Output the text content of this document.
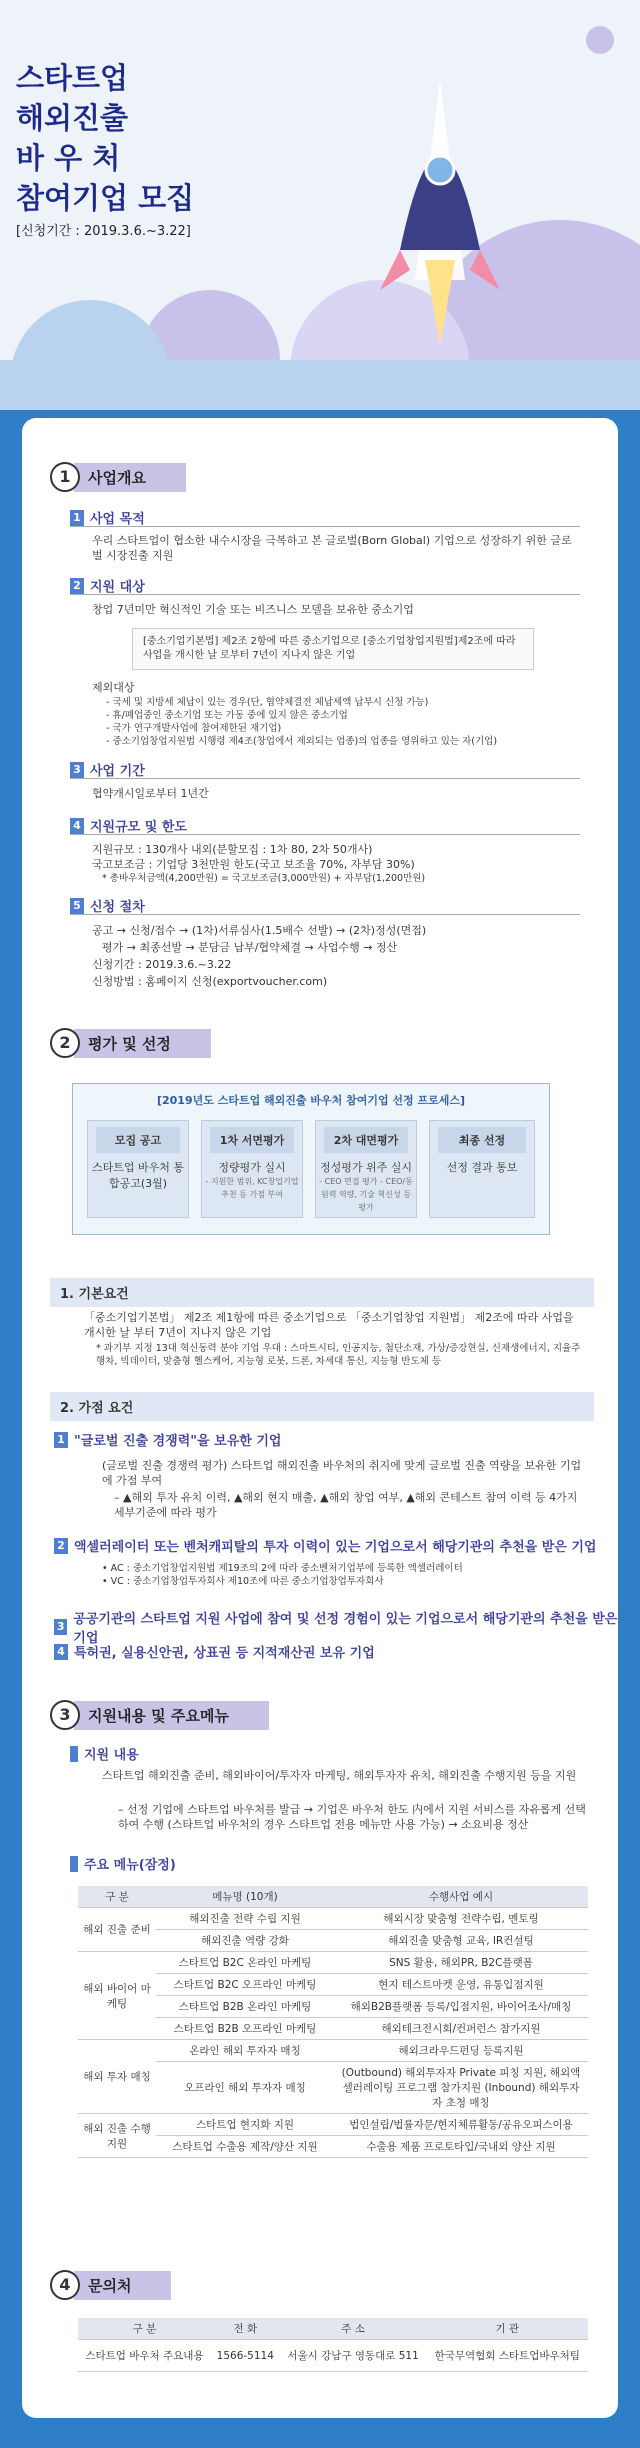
스타트업
해외진출
바 우 처
참여기업 모집
[신청기간 : 2019.3.6.~3.22]
1	사업개요
1 사업 목적
우리 스타트업이 협소한 내수시장을 극복하고 본 글로벌(Born Global) 기업으로 성장하기 위한 글로벌 시장진출 지원
2 지원 대상
창업 7년미만 혁신적인 기술 또는 비즈니스 모델을 보유한 중소기업
[중소기업기본법] 제2조 2항에 따른 중소기업으로 [중소기업창업지원법]제2조에 따라 사업을 개시한 날 로부터 7년이 지나지 않은 기업
제외대상
- 국세 및 지방세 체납이 있는 경우(단, 협약체결전 체납세액 납부시 신청 가능)
- 휴/폐업중인 중소기업 또는 가동 중에 있지 않은 중소기업
- 국가 연구개발사업에 참여제한된 재기업)
- 중소기업창업지원법 시행령 제4조(창업에서 제외되는 업종)의 업종을 영위하고 있는 자(기업)
3 사업 기간
협약개시일로부터 1년간
4 지원규모 및 한도
지원규모 : 130개사 내외(분할모집 : 1차 80, 2차 50개사)
국고보조금 : 기업당 3천만원 한도(국고 보조율 70%, 자부담 30%)
* 총바우처금액(4,200만원) = 국고보조금(3,000만원) + 자부담(1,200만원)
5 신청 절차
공고 → 신청/접수 → (1차)서류심사(1.5배수 선발) → (2차)정성(면접)
평가 → 최종선발 → 분담금 납부/협약체결 → 사업수행 → 정산
신청기간 : 2019.3.6.~3.22
신청방법 : 홈페이지 신청(exportvoucher.com)
2	평가 및 선정
[2019년도 스타트업 해외진출 바우처 참여기업 선정 프로세스]
모집 공고
스타트업 바우처 통합공고(3월)
1차 서면평가
정량평가 실시
- 지원한 범위, KC창업기업 추천 등 가점 부여
2차 대면평가
정성평가 위주 실시
- CEO 면접 평가 - CEO/동원력 역량, 기술 혁신성 등 평가
최종 선정
선정 결과 통보
1. 기본요건
「중소기업기본법」 제2조 제1항에 따른 중소기업으로 「중소기업창업 지원법」 제2조에 따라 사업을 개시한 날 부터 7년이 지나지 않은 기업
* 과기부 지정 13대 혁신동력 분야 기업 우대 : 스마트시티, 인공지능, 첨단소재, 가상/증강현실, 신재생에너지, 지율주행차, 빅데이터, 맞춤형 헬스케어, 지능형 로봇, 드론, 차세대 통신, 지능형 반도체 등
2. 가점 요건
1 "글로벌 진출 경쟁력"을 보유한 기업
(글로벌 진출 경쟁력 평가) 스타트업 해외진출 바우처의 취지에 맞게 글로벌 진출 역량을 보유한 기업에 가점 부여
– ▲해외 투자 유치 이력, ▲해외 현지 매출, ▲해외 창업 여부, ▲해외 콘테스트 참여 이력 등 4가지 세부기준에 따라 평가
2 액셀러레이터 또는 벤처캐피탈의 투자 이력이 있는 기업으로서 해당기관의 추천을 받은 기업
• AC : 중소기업창업지원법 제19조의 2에 따라 중소벤처기업부에 등록한 액셀러레이터
• VC : 중소기업창업투자회사 제10조에 따른 중소기업창업투자회사
3 공공기관의 스타트업 지원 사업에 참여 및 선정 경험이 있는 기업으로서 해당기관의 추천을 받은 기업
4 특허권, 실용신안권, 상표권 등 지적재산권 보유 기업
3	지원내용 및 주요메뉴
지원 내용
스타트업 해외진출 준비, 해외바이어/투자자 마케팅, 해외투자자 유치, 해외진출 수행지원 등을 지원
– 선정 기업에 스타트업 바우처를 발급 → 기업은 바우처 한도 内에서 지원 서비스를 자유롭게 선택하여 수행 (스타트업 바우처의 경우 스타트업 전용 메뉴만 사용 가능) → 소요비용 정산
주요 메뉴(잠정)
구 분	메뉴명 (10개)	수행사업 예시
해외 진출 준비	해외진출 전략 수립 지원	해외시장 맞춤형 전략수립, 멘토링
	해외진출 역량 강화	해외진출 맞춤형 교육, IR컨설팅
해외 바이어 마케팅	스타트업 B2C 온라인 마케팅	SNS 활용, 해외PR, B2C플랫폼
	스타트업 B2C 오프라인 마케팅	현지 테스트마켓 운영, 유통입점지원
	스타트업 B2B 온라인 마케팅	해외B2B플랫폼 등록/입점지원, 바이어조사/매칭
	스타트업 B2B 오프라인 마케팅	해외테크전시회/컨퍼런스 참가지원
해외 투자 매칭	온라인 해외 투자자 매칭	해외크라우드펀딩 등록지원
	오프라인 해외 투자자 매칭	(Outbound) 해외투자자 Private 피칭 지원, 해외액셀러레이팅 프로그램 참가지원 (Inbound) 해외투자자 초청 매칭
해외 진출 수행 지원	스타트업 현지화 지원	법인설립/법률자문/현지체류활동/공유오피스이용
	스타트업 수출용 제작/양산 지원	수출용 제품 프로토타입/국내외 양산 지원
4	문의처
구 분	전 화	주 소	기 관
스타트업 바우처 주요내용	1566-5114	서울시 강남구 영동대로 511	한국무역협회 스타트업바우처팀
